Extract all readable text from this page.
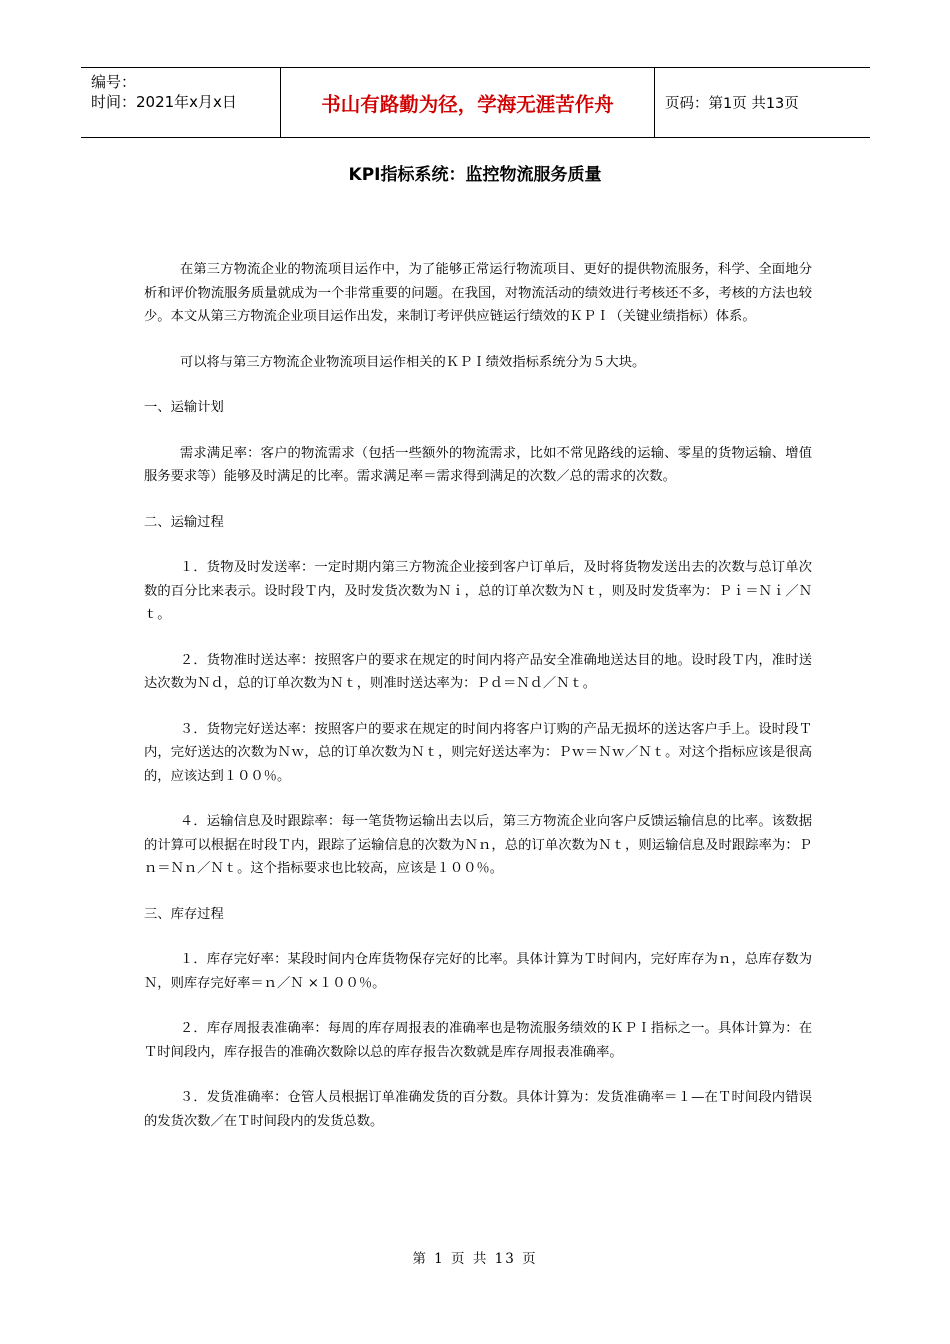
编号：
时间：2021年x月x日	书山有路勤为径，学海无涯苦作舟	页码：第1页 共13页
KPI指标系统：监控物流服务质量

在第三方物流企业的物流项目运作中，为了能够正常运行物流项目、更好的提供物流服务，科学、全面地分析和评价物流服务质量就成为一个非常重要的问题。在我国，对物流活动的绩效进行考核还不多，考核的方法也较少。本文从第三方物流企业项目运作出发，来制订考评供应链运行绩效的ＫＰＩ（关键业绩指标）体系。

可以将与第三方物流企业物流项目运作相关的ＫＰＩ绩效指标系统分为５大块。

一、运输计划

需求满足率：客户的物流需求（包括一些额外的物流需求，比如不常见路线的运输、零星的货物运输、增值服务要求等）能够及时满足的比率。需求满足率＝需求得到满足的次数／总的需求的次数。

二、运输过程

１．货物及时发送率：一定时期内第三方物流企业接到客户订单后，及时将货物发送出去的次数与总订单次数的百分比来表示。设时段Ｔ内，及时发货次数为Ｎｉ，总的订单次数为Ｎｔ，则及时发货率为：Ｐｉ＝Ｎｉ／Ｎｔ。

２．货物准时送达率：按照客户的要求在规定的时间内将产品安全准确地送达目的地。设时段Ｔ内，准时送达次数为Ｎｄ，总的订单次数为Ｎｔ，则准时送达率为：Ｐｄ＝Ｎｄ／Ｎｔ。

３．货物完好送达率：按照客户的要求在规定的时间内将客户订购的产品无损坏的送达客户手上。设时段Ｔ内，完好送达的次数为Ｎｗ，总的订单次数为Ｎｔ，则完好送达率为：Ｐｗ＝Ｎｗ／Ｎｔ。对这个指标应该是很高的，应该达到１００％。

４．运输信息及时跟踪率：每一笔货物运输出去以后，第三方物流企业向客户反馈运输信息的比率。该数据的计算可以根据在时段Ｔ内，跟踪了运输信息的次数为Ｎｎ，总的订单次数为Ｎｔ，则运输信息及时跟踪率为：Ｐｎ＝Ｎｎ／Ｎｔ。这个指标要求也比较高，应该是１００％。

三、库存过程

１．库存完好率：某段时间内仓库货物保存完好的比率。具体计算为Ｔ时间内，完好库存为ｎ，总库存数为Ｎ，则库存完好率＝ｎ／Ｎ ×１００％。

２．库存周报表准确率：每周的库存周报表的准确率也是物流服务绩效的ＫＰＩ指标之一。具体计算为：在Ｔ时间段内，库存报告的准确次数除以总的库存报告次数就是库存周报表准确率。

３．发货准确率：仓管人员根据订单准确发货的百分数。具体计算为：发货准确率＝１—在Ｔ时间段内错误的发货次数／在Ｔ时间段内的发货总数。

第 1 页 共 13 页
